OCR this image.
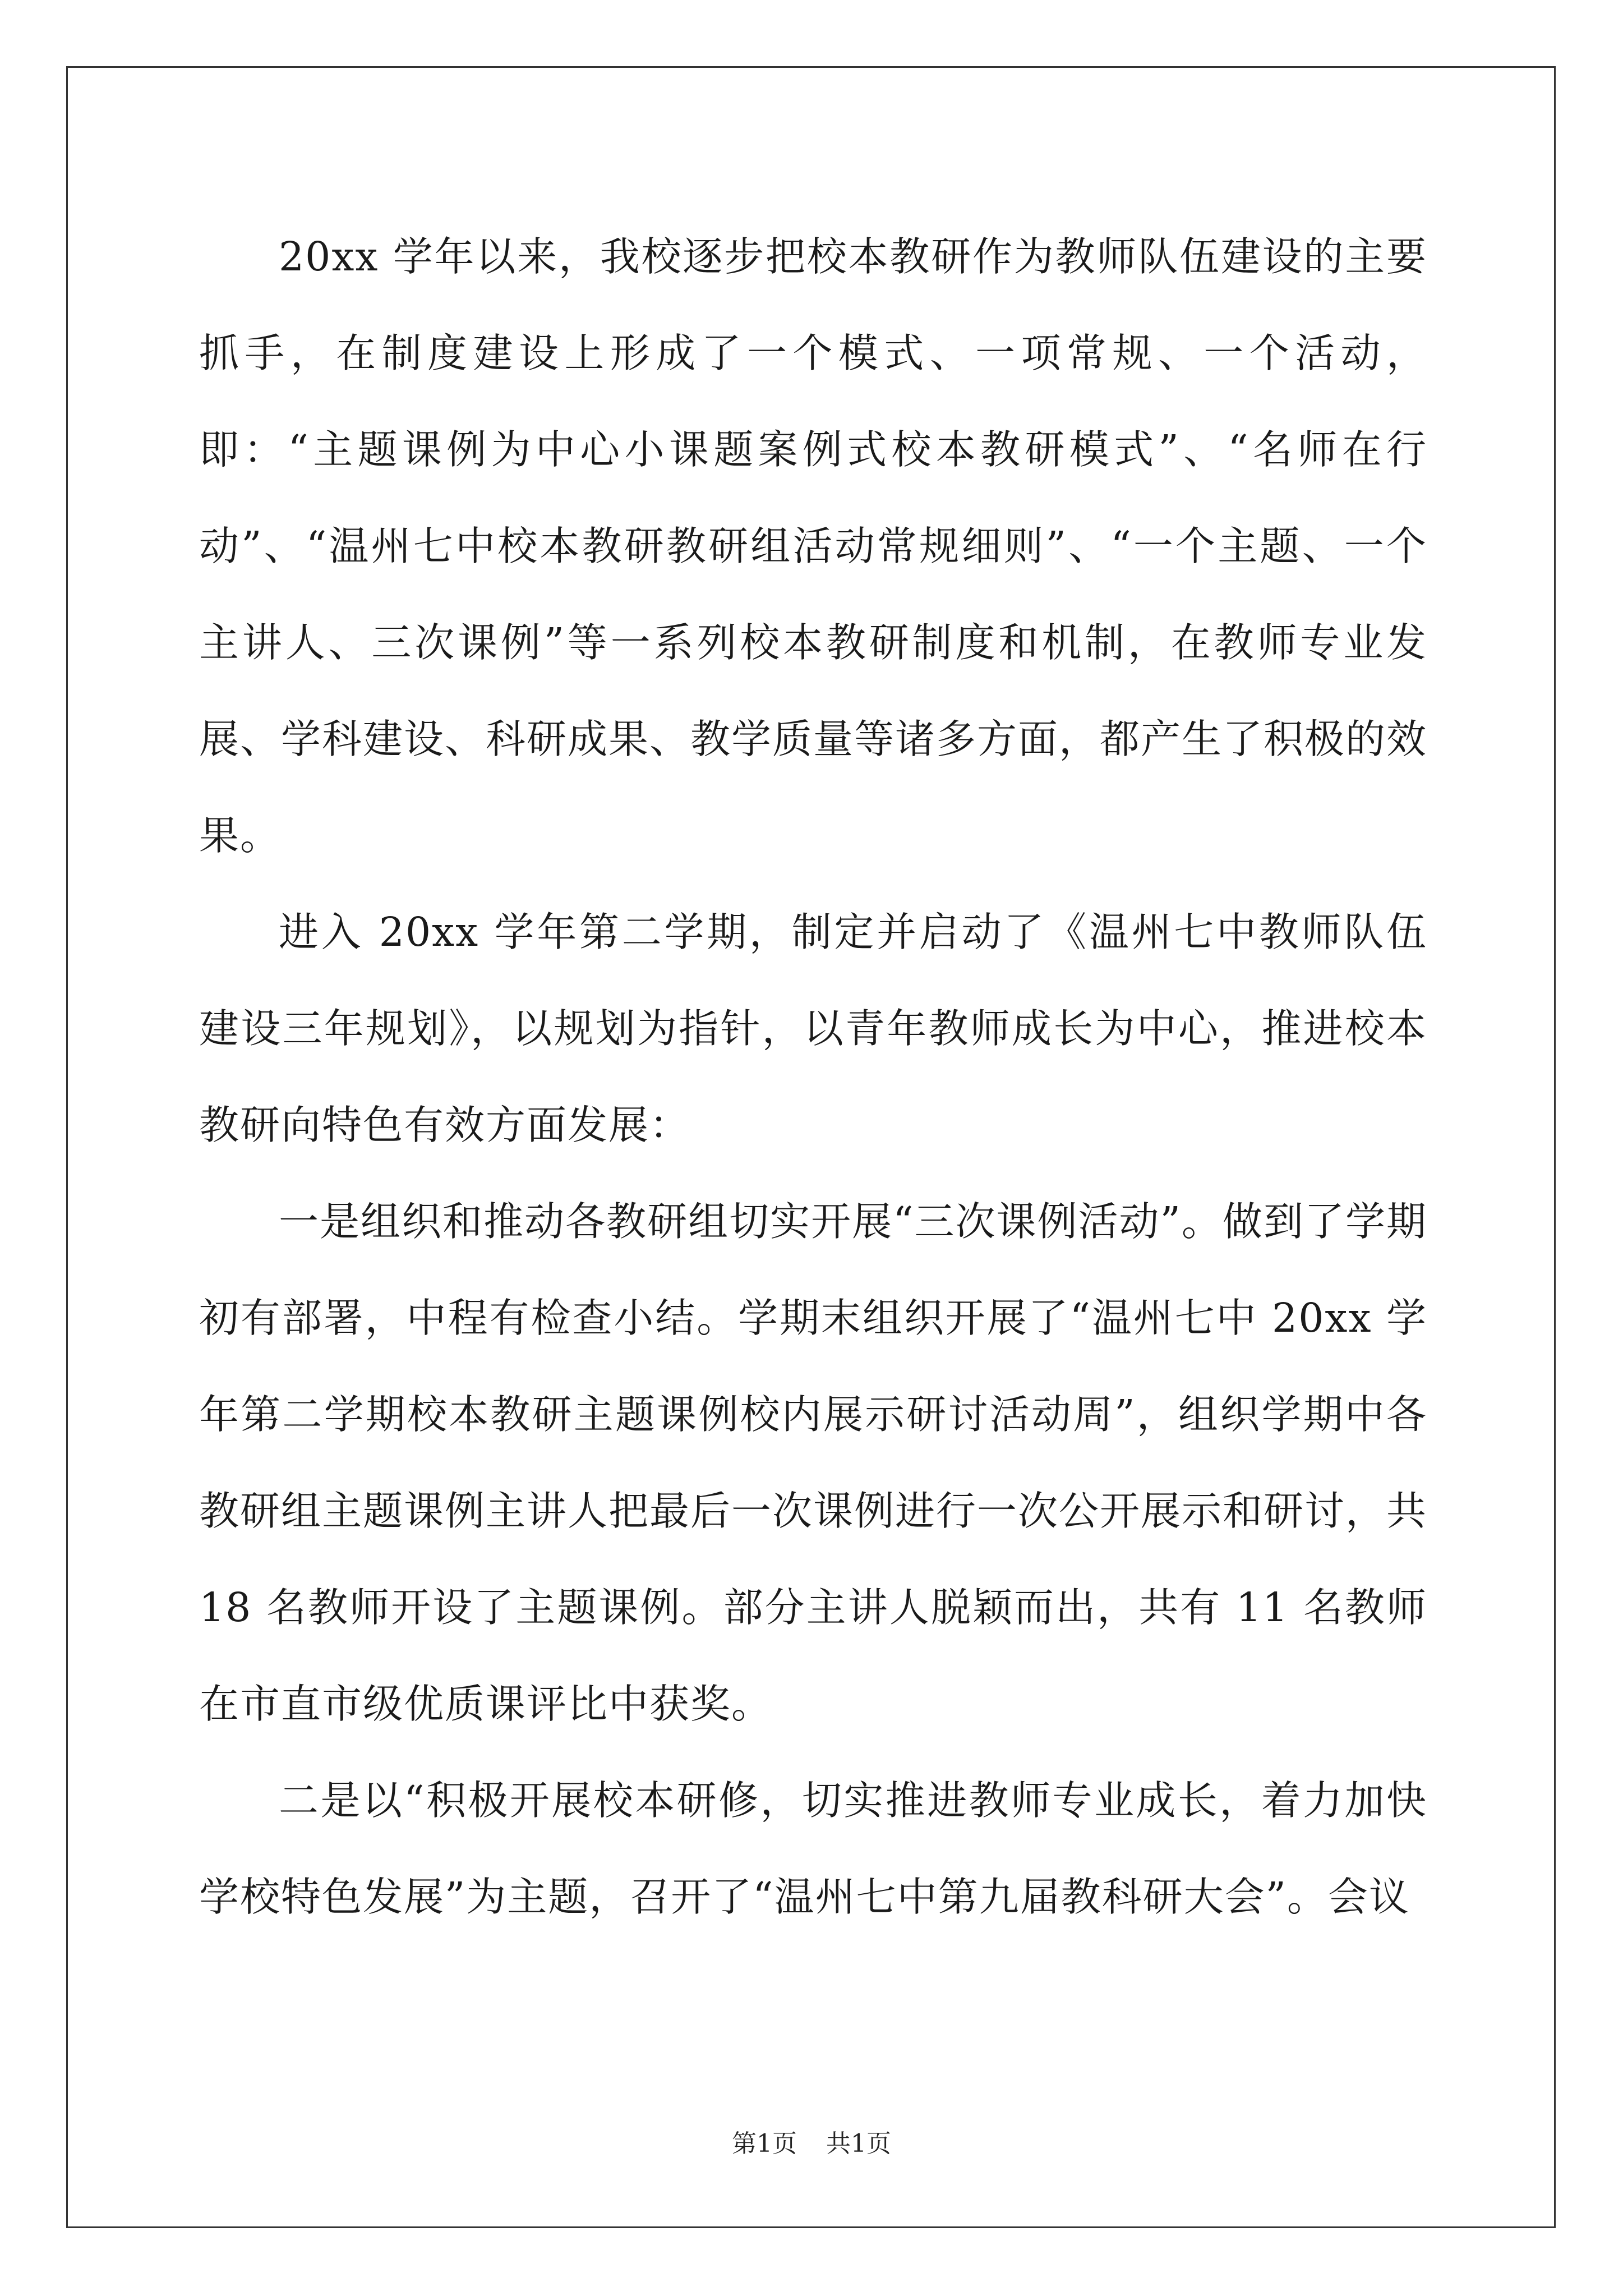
20xx 学年以来，我校逐步把校本教研作为教师队伍建设的主要抓手，在制度建设上形成了一个模式、一项常规、一个活动，即：“主题课例为中心小课题案例式校本教研模式”、“名师在行动”、“温州七中校本教研教研组活动常规细则”、“一个主题、一个主讲人、三次课例”等一系列校本教研制度和机制，在教师专业发展、学科建设、科研成果、教学质量等诸多方面，都产生了积极的效果。

进入 20xx 学年第二学期，制定并启动了《温州七中教师队伍建设三年规划》，以规划为指针，以青年教师成长为中心，推进校本教研向特色有效方面发展：

一是组织和推动各教研组切实开展“三次课例活动”。做到了学期初有部署，中程有检查小结。学期末组织开展了“温州七中 20xx 学年第二学期校本教研主题课例校内展示研讨活动周”，组织学期中各教研组主题课例主讲人把最后一次课例进行一次公开展示和研讨，共 18 名教师开设了主题课例。部分主讲人脱颖而出，共有 11 名教师在市直市级优质课评比中获奖。

二是以“积极开展校本研修，切实推进教师专业成长，着力加快学校特色发展”为主题，召开了“温州七中第九届教科研大会”。会议

第1页 共1页
